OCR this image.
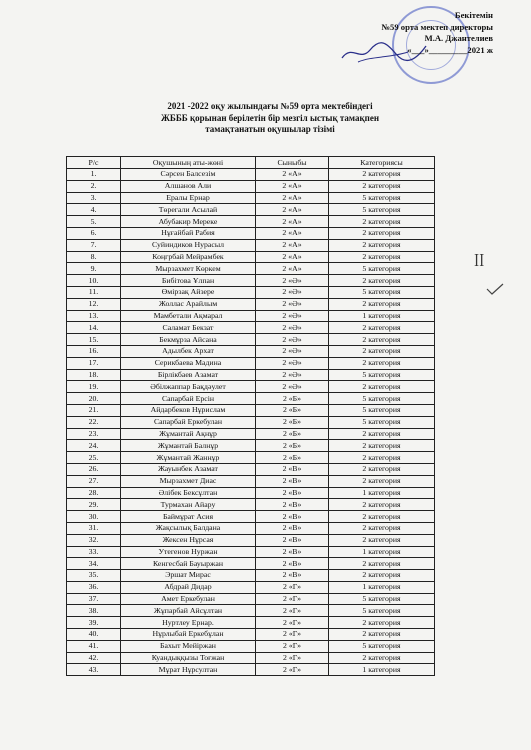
Бекітемін
№59 орта мектеп директоры
М.А. Джантелиев
«___»_________2021 ж
2021 -2022 оқу жылындағы №59 орта мектебіндегі
ЖБББ қорынан берілетін бір мезгіл ыстық тамақпен
тамақтанатын оқушылар тізімі
Р/с	Оқушының аты-жөні	Сыныбы	Категориясы
1.	Сәрсен Балсезім	2 «А»	2 категория
2.	Алшанов Али	2 «А»	2 категория
3.	Ералы Ернар	2 «А»	5 категория
4.	Төрегали Асылай	2 «А»	5 категория
5.	Абубакир Мереке	2 «А»	2 категория
6.	Нұғайбай Рабия	2 «А»	2 категория
7.	Суйиндиков Нурасыл	2 «А»	2 категория
8.	Коңгрбай Мейрамбек	2 «А»	2 категория
9.	Мырзахмет Көркем	2 «А»	5 категория
10.	Бибітова Ұлпан	2 «Ә»	2 категория
11.	Өмірзақ Айзере	2 «Ә»	5 категория
12.	Жоллас Арайлым	2 «Ә»	2 категория
13.	Мамбетали Ақмарал	2 «Ә»	1 категория
14.	Саламат Бекзат	2 «Ә»	2 категория
15.	Бекмұрза Айсана	2 «Ә»	2 категория
16.	Адылбек Архат	2 «Ә»	2 категория
17.	Серикбаева Мадина	2 «Ә»	2 категория
18.	Бірлікбаев Азамат	2 «Ә»	5 категория
19.	Әбілжаппар Бақдәулет	2 «Ә»	2 категория
20.	Сапарбай Ерсін	2 «Б»	5 категория
21.	Айдарбеков Нұрислам	2 «Б»	5 категория
22.	Сапарбай Еркебулан	2 «Б»	5 категория
23.	Жұмантай Ақнұр	2 «Б»	2 категория
24.	Жұмантай Балнұр	2 «Б»	2 категория
25.	Жұмантай Жаннұр	2 «Б»	2 категория
26.	Жауынбек Азамат	2 «В»	2 категория
27.	Мырзахмет Диас	2 «В»	2 категория
28.	Әлібек Бексұлтан	2 «В»	1 категория
29.	Турмахан Айару	2 «В»	2 категория
30.	Баймұрат Асия	2 «В»	2 категория
31.	Жақсылық Балдана	2 «В»	2 категория
32.	Жексен Нұрсая	2 «В»	2 категория
33.	Утегенов Нуржан	2 «В»	1 категория
34.	Кенгесбай Бауыржан	2 «В»	2 категория
35.	Эршат Мирас	2 «В»	2 категория
36.	Абдрай Дидар	2 «Г»	1 категория
37.	Амет Еркебулан	2 «Г»	5 категория
38.	Жұпарбай Айсұлтан	2 «Г»	5 категория
39.	Нуртлеу Ернар.	2 «Г»	2 категория
40.	Нұрлыбай Еркебұлан	2 «Г»	2 категория
41.	Бахыт Мейіржан	2 «Г»	5 категория
42.	Куандыққызы Тоғжан	2 «Г»	2 категория
43.	Мұрат Нұрсултан	2 «Г»	1 категория
ꟾꟾ
